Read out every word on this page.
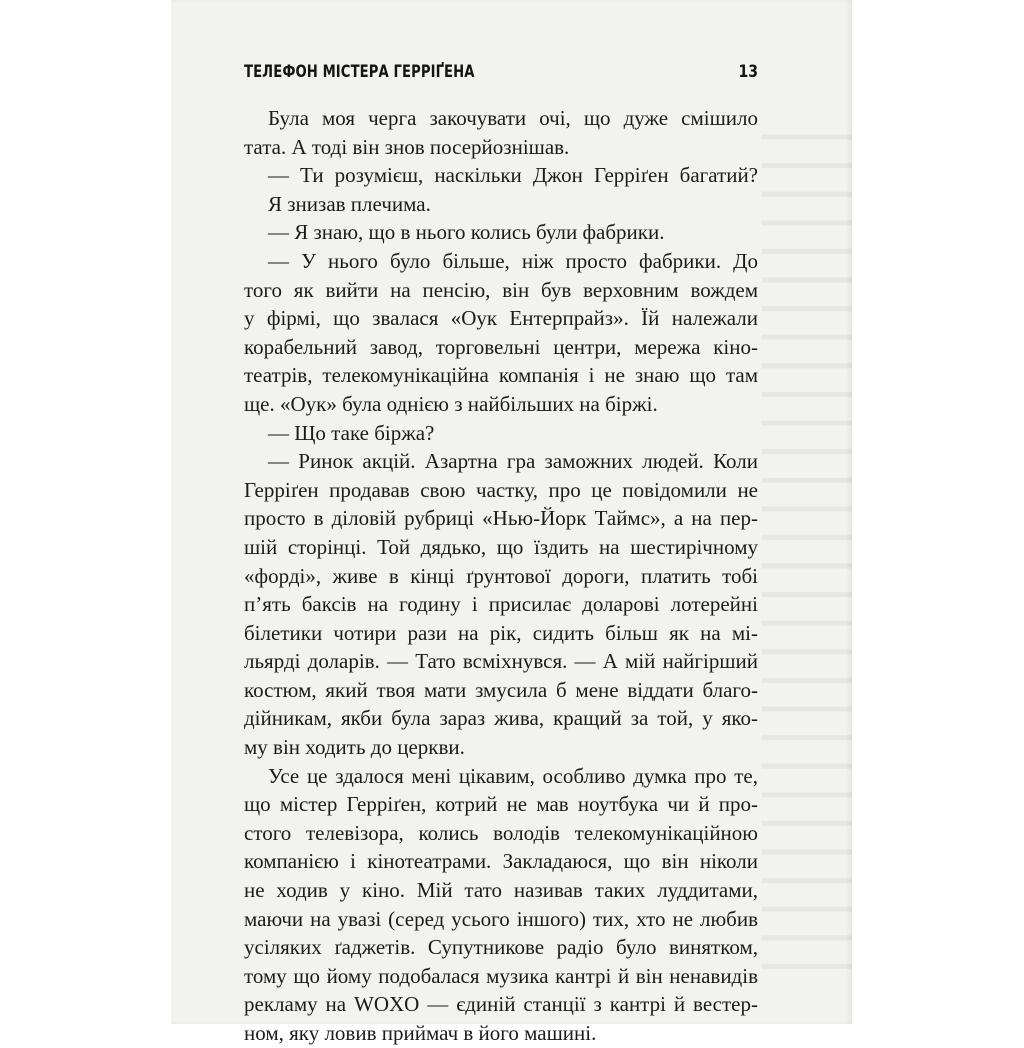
ТЕЛЕФОН МІСТЕРА ГЕРРІҐЕНА	13
Була моя черга закочувати очі, що дуже смішило
тата. А тоді він знов посерйознішав.
— Ти розумієш, наскільки Джон Герріґен багатий?
Я знизав плечима.
— Я знаю, що в нього колись були фабрики.
— У нього було більше, ніж просто фабрики. До
того як вийти на пенсію, він був верховним вождем
у фірмі, що звалася «Оук Ентерпрайз». Їй належали
корабельний завод, торговельні центри, мережа кіно-
театрів, телекомунікаційна компанія і не знаю що там
ще. «Оук» була однією з найбільших на біржі.
— Що таке біржа?
— Ринок акцій. Азартна гра заможних людей. Коли
Герріґен продавав свою частку, про це повідомили не
просто в діловій рубриці «Нью-Йорк Таймс», а на пер-
шій сторінці. Той дядько, що їздить на шестирічному
«форді», живе в кінці ґрунтової дороги, платить тобі
п’ять баксів на годину і присилає доларові лотерейні
білетики чотири рази на рік, сидить більш як на мі-
льярді доларів. — Тато всміхнувся. — А мій найгірший
костюм, який твоя мати змусила б мене віддати благо-
дійникам, якби була зараз жива, кращий за той, у яко-
му він ходить до церкви.
Усе це здалося мені цікавим, особливо думка про те,
що містер Герріґен, котрий не мав ноутбука чи й про-
стого телевізора, колись володів телекомунікаційною
компанією і кінотеатрами. Закладаюся, що він ніколи
не ходив у кіно. Мій тато називав таких луддитами,
маючи на увазі (серед усього іншого) тих, хто не любив
усіляких ґаджетів. Супутникове радіо було винятком,
тому що йому подобалася музика кантрі й він ненавидів
рекламу на WOXO — єдиній станції з кантрі й вестер-
ном, яку ловив приймач в його машині.
